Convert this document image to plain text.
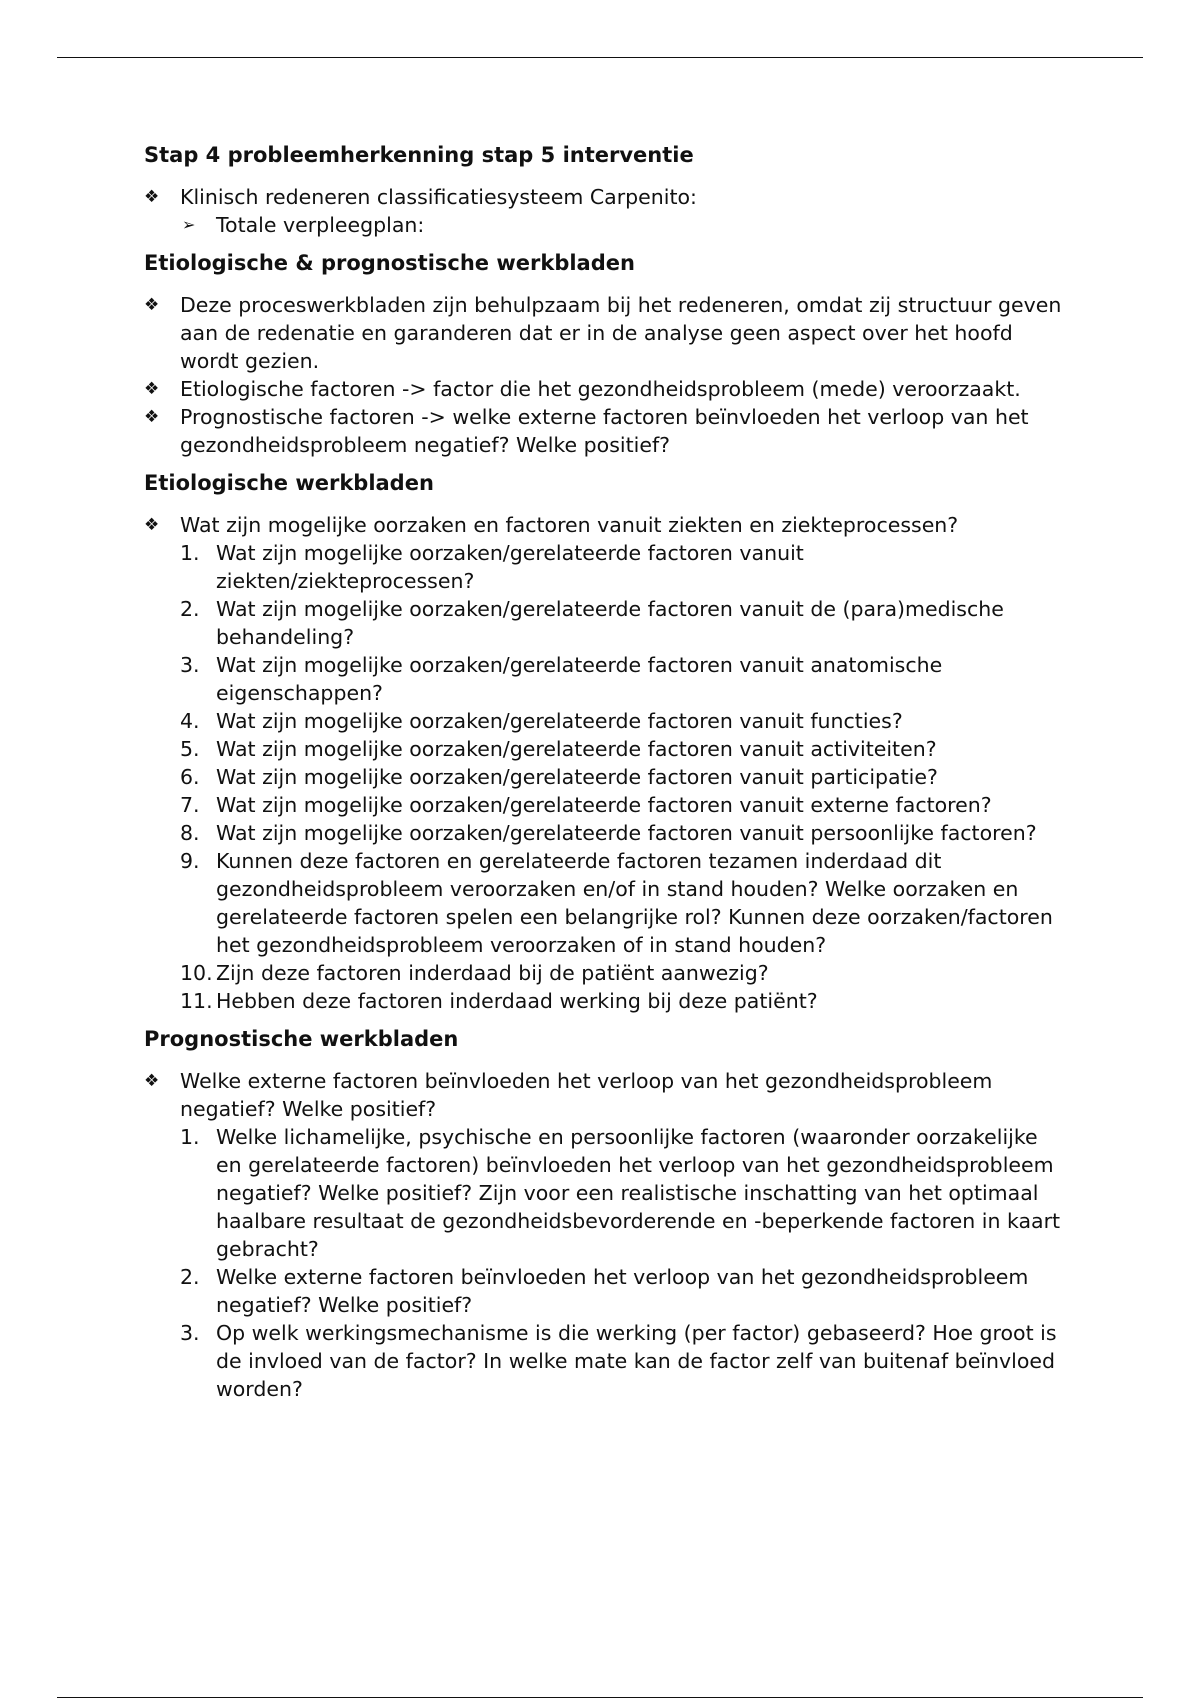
Stap 4 probleemherkenning stap 5 interventie
❖	Klinisch redeneren classificatiesysteem Carpenito:
➢ Totale verpleegplan:
Etiologische & prognostische werkbladen
❖	Deze proceswerkbladen zijn behulpzaam bij het redeneren, omdat zij structuur geven aan de redenatie en garanderen dat er in de analyse geen aspect over het hoofd wordt gezien.
❖	Etiologische factoren -> factor die het gezondheidsprobleem (mede) veroorzaakt.
❖	Prognostische factoren -> welke externe factoren beïnvloeden het verloop van het gezondheidsprobleem negatief? Welke positief?
Etiologische werkbladen
❖	Wat zijn mogelijke oorzaken en factoren vanuit ziekten en ziekteprocessen?
1. Wat zijn mogelijke oorzaken/gerelateerde factoren vanuit ziekten/ziekteprocessen?
2. Wat zijn mogelijke oorzaken/gerelateerde factoren vanuit de (para)medische behandeling?
3. Wat zijn mogelijke oorzaken/gerelateerde factoren vanuit anatomische eigenschappen?
4. Wat zijn mogelijke oorzaken/gerelateerde factoren vanuit functies?
5. Wat zijn mogelijke oorzaken/gerelateerde factoren vanuit activiteiten?
6. Wat zijn mogelijke oorzaken/gerelateerde factoren vanuit participatie?
7. Wat zijn mogelijke oorzaken/gerelateerde factoren vanuit externe factoren?
8. Wat zijn mogelijke oorzaken/gerelateerde factoren vanuit persoonlijke factoren?
9. Kunnen deze factoren en gerelateerde factoren tezamen inderdaad dit gezondheidsprobleem veroorzaken en/of in stand houden? Welke oorzaken en gerelateerde factoren spelen een belangrijke rol? Kunnen deze oorzaken/factoren het gezondheidsprobleem veroorzaken of in stand houden?
10. Zijn deze factoren inderdaad bij de patiënt aanwezig?
11. Hebben deze factoren inderdaad werking bij deze patiënt?
Prognostische werkbladen
❖	Welke externe factoren beïnvloeden het verloop van het gezondheidsprobleem negatief? Welke positief?
1. Welke lichamelijke, psychische en persoonlijke factoren (waaronder oorzakelijke en gerelateerde factoren) beïnvloeden het verloop van het gezondheidsprobleem negatief? Welke positief? Zijn voor een realistische inschatting van het optimaal haalbare resultaat de gezondheidsbevorderende en -beperkende factoren in kaart gebracht?
2. Welke externe factoren beïnvloeden het verloop van het gezondheidsprobleem negatief? Welke positief?
3. Op welk werkingsmechanisme is die werking (per factor) gebaseerd? Hoe groot is de invloed van de factor? In welke mate kan de factor zelf van buitenaf beïnvloed worden?
